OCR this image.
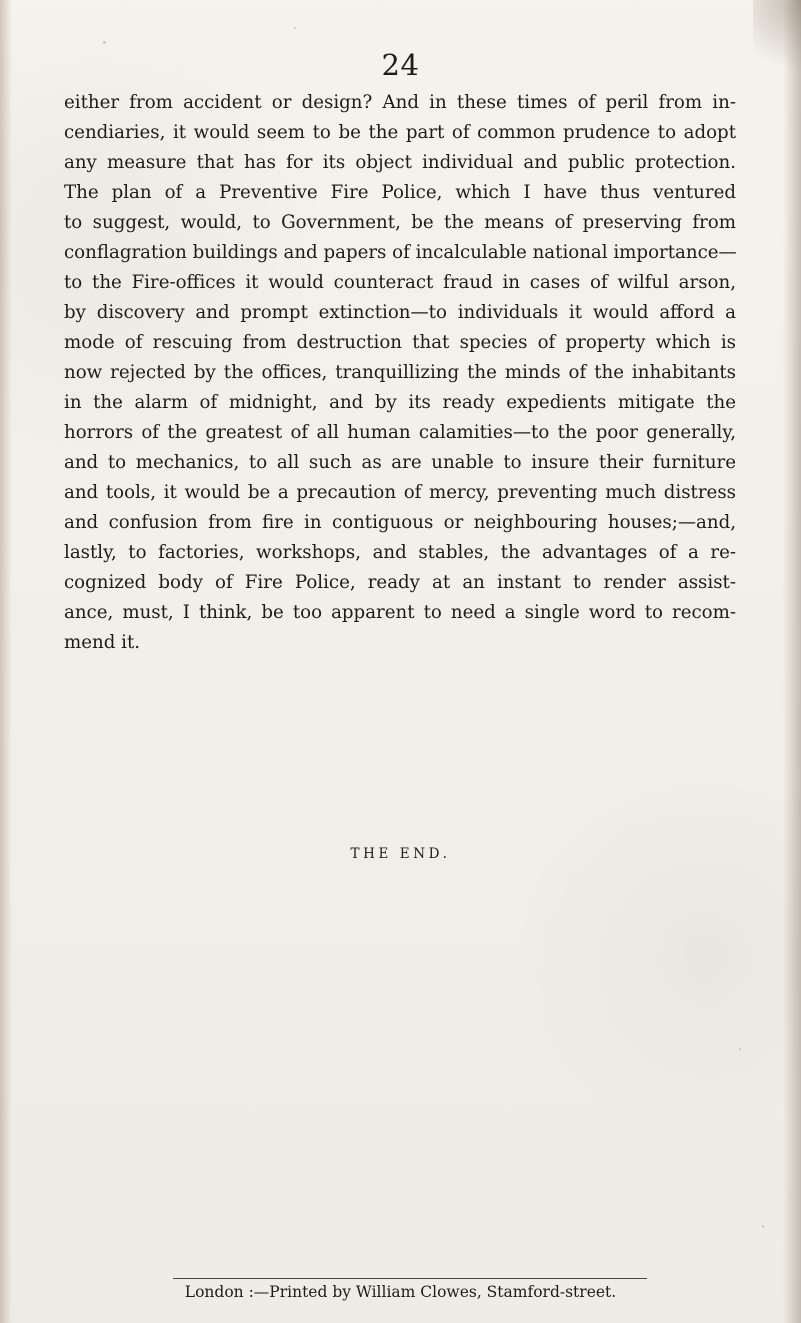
24
either from accident or design? And in these times of peril from in-
cendiaries, it would seem to be the part of common prudence to adopt
any measure that has for its object individual and public protection.
The plan of a Preventive Fire Police, which I have thus ventured
to suggest, would, to Government, be the means of preserving from
conflagration buildings and papers of incalculable national importance—
to the Fire-offices it would counteract fraud in cases of wilful arson,
by discovery and prompt extinction—to individuals it would afford a
mode of rescuing from destruction that species of property which is
now rejected by the offices, tranquillizing the minds of the inhabitants
in the alarm of midnight, and by its ready expedients mitigate the
horrors of the greatest of all human calamities—to the poor generally,
and to mechanics, to all such as are unable to insure their furniture
and tools, it would be a precaution of mercy, preventing much distress
and confusion from fire in contiguous or neighbouring houses;—and,
lastly, to factories, workshops, and stables, the advantages of a re-
cognized body of Fire Police, ready at an instant to render assist-
ance, must, I think, be too apparent to need a single word to recom-
mend it.
THE END.
London :—Printed by William Clowes, Stamford-street.
